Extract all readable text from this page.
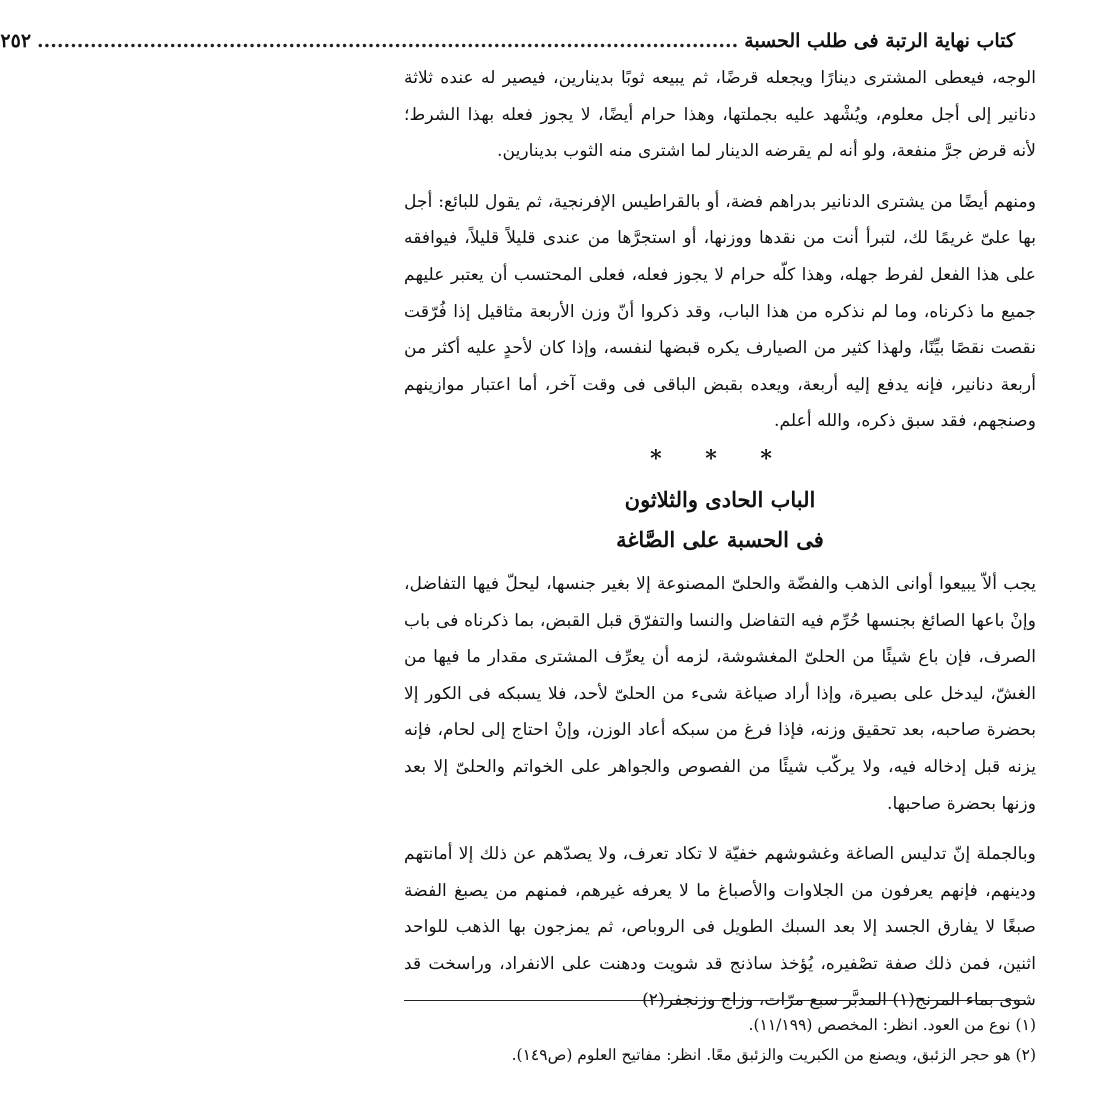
كتاب نهاية الرتبة فى طلب الحسبة
..........................................................................................................
٢٥٢

الوجه، فيعطى المشترى دينارًا ويجعله قرضًا، ثم يبيعه ثوبًا بدينارين، فيصير له عنده ثلاثة دنانير إلى أجل معلوم، ويُشْهد عليه بجملتها، وهذا حرام أيضًا، لا يجوز فعله بهذا الشرط؛ لأنه قرض جرَّ منفعة، ولو أنه لم يقرضه الدينار لما اشترى منه الثوب بدينارين.

ومنهم أيضًا من يشترى الدنانير بدراهم فضة، أو بالقراطيس الإفرنجية، ثم يقول للبائع: أجل بها علىّ غريمًا لك، لتبرأ أنت من نقدها ووزنها، أو استجرَّها من عندى قليلاً قليلاً، فيوافقه على هذا الفعل لفرط جهله، وهذا كلّه حرام لا يجوز فعله، فعلى المحتسب أن يعتبر عليهم جميع ما ذكرناه، وما لم نذكره من هذا الباب، وقد ذكروا أنّ وزن الأربعة مثاقيل إذا فُرّقت نقصت نقصًا بيِّنًا، ولهذا كثير من الصيارف يكره قبضها لنفسه، وإذا كان لأحدٍ عليه أكثر من أربعة دنانير، فإنه يدفع إليه أربعة، ويعده بقبض الباقى فى وقت آخر، أما اعتبار موازينهم وصنجهم، فقد سبق ذكره، والله أعلم.

* * *
الباب الحادى والثلاثون
فى الحسبة على الصَّاغة

يجب ألاّ يبيعوا أوانى الذهب والفضّة والحلىّ المصنوعة إلا بغير جنسها، ليحلّ فيها التفاضل، وإنْ باعها الصائغ بجنسها حُرِّم فيه التفاضل والنسا والتفرّق قبل القبض، بما ذكرناه فى باب الصرف، فإن باع شيئًا من الحلىّ المغشوشة، لزمه أن يعرِّف المشترى مقدار ما فيها من الغشّ، ليدخل على بصيرة، وإذا أراد صياغة شىء من الحلىّ لأحد، فلا يسبكه فى الكور إلا بحضرة صاحبه، بعد تحقيق وزنه، فإذا فرغ من سبكه أعاد الوزن، وإنْ احتاج إلى لحام، فإنه يزنه قبل إدخاله فيه، ولا يركّب شيئًا من الفصوص والجواهر على الخواتم والحلىّ إلا بعد وزنها بحضرة صاحبها.

وبالجملة إنّ تدليس الصاغة وغشوشهم خفيّة لا تكاد تعرف، ولا يصدّهم عن ذلك إلا أمانتهم ودينهم، فإنهم يعرفون من الجلاوات والأصباغ ما لا يعرفه غيرهم، فمنهم من يصبغ الفضة صبغًا لا يفارق الجسد إلا بعد السبك الطويل فى الروباص، ثم يمزجون بها الذهب للواحد اثنين، فمن ذلك صفة تصْفيره، يُؤخذ ساذنج قد شويت ودهنت على الانفراد، وراسخت قد شوى بماء المرنج(١) المدبَّر سبع مرّات، وزاج وزنجفر(٢)

(١) نوع من العود. انظر: المخصص (١١/١٩٩).
(٢) هو حجر الزئبق، ويصنع من الكبريت والزئبق معًا. انظر: مفاتيح العلوم (ص١٤٩).
